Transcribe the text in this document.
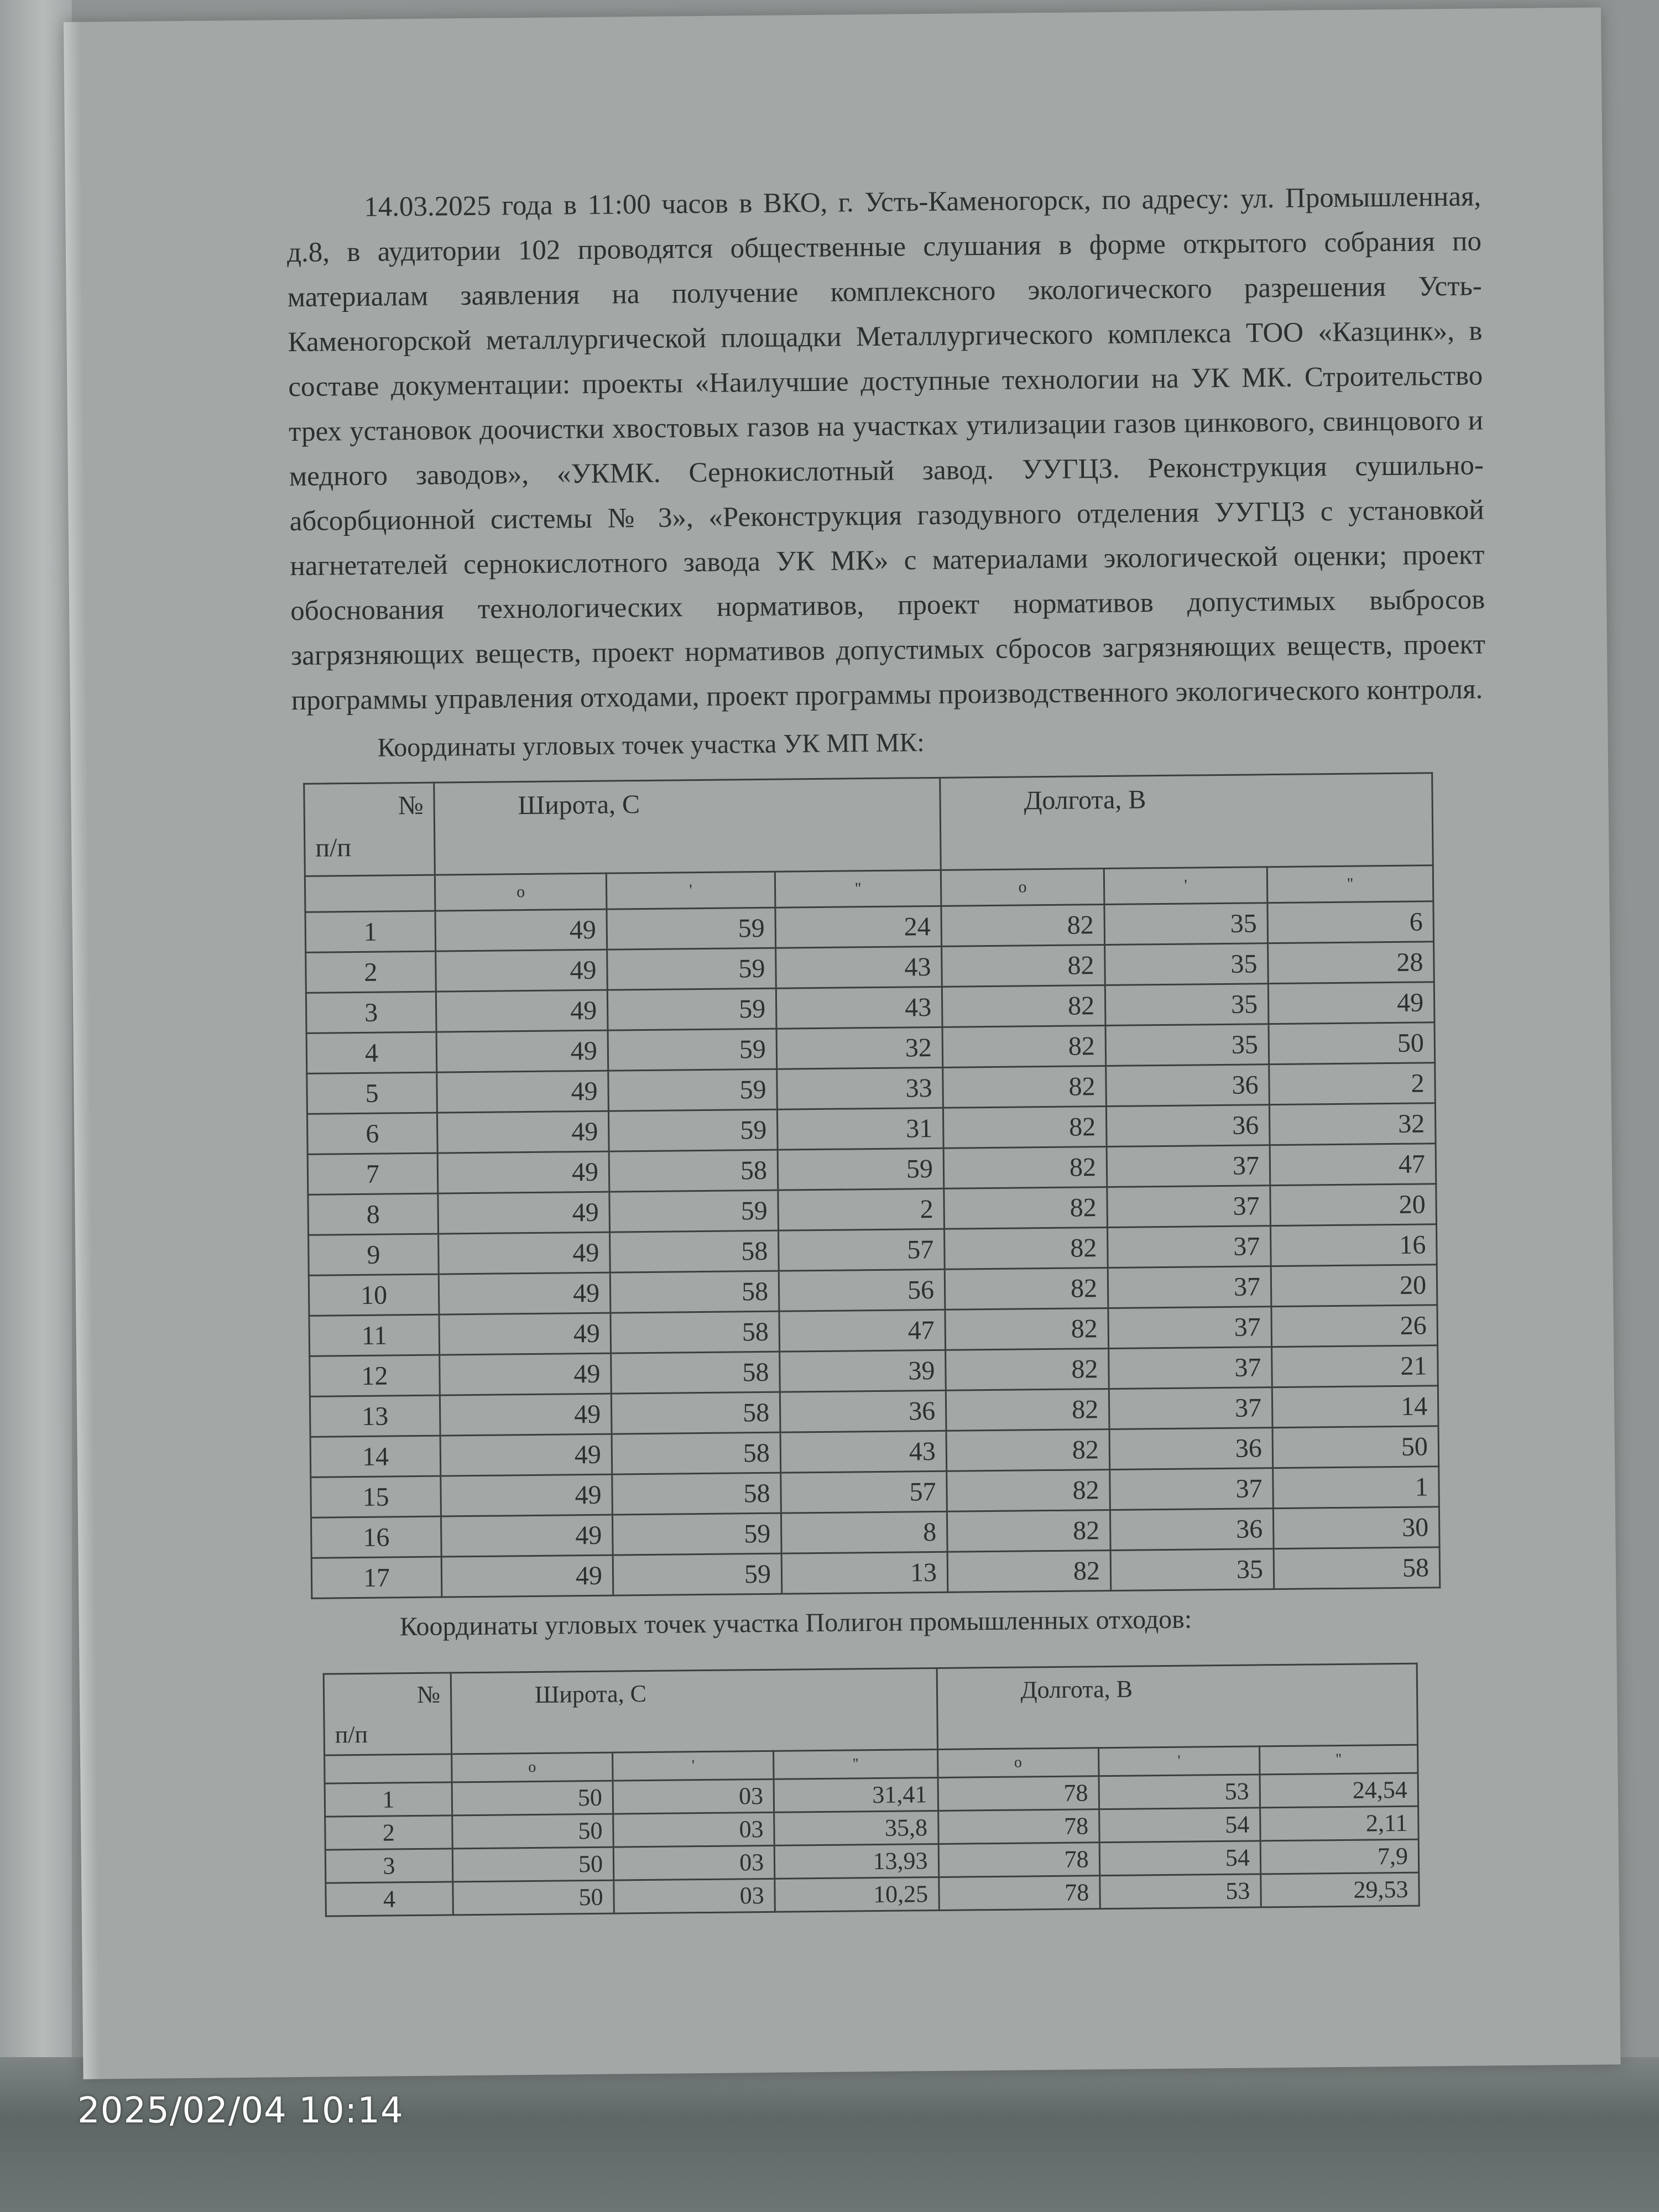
14.03.2025 года в 11:00 часов в ВКО, г. Усть-Каменогорск, по адресу: ул. Промышленная, д.8, в аудитории 102 проводятся общественные слушания в форме открытого собрания по материалам заявления на получение комплексного экологического разрешения Усть-Каменогорской металлургической площадки Металлургического комплекса ТОО «Казцинк», в составе документации: проекты «Наилучшие доступные технологии на УК МК. Строительство трех установок доочистки хвостовых газов на участках утилизации газов цинкового, свинцового и медного заводов», «УКМК. Сернокислотный завод. УУГЦЗ. Реконструкция сушильно-абсорбционной системы № 3», «Реконструкция газодувного отделения УУГЦЗ с установкой нагнетателей сернокислотного завода УК МК» с материалами экологической оценки; проект обоснования технологических нормативов, проект нормативов допустимых выбросов загрязняющих веществ, проект нормативов допустимых сбросов загрязняющих веществ, проект программы управления отходами, проект программы производственного экологического контроля.
Координаты угловых точек участка УК МП МК:
№
п/п	Широта, С			Долгота, В		
	о	'	''	о	'	''
1	49	59	24	82	35	6
2	49	59	43	82	35	28
3	49	59	43	82	35	49
4	49	59	32	82	35	50
5	49	59	33	82	36	2
6	49	59	31	82	36	32
7	49	58	59	82	37	47
8	49	59	2	82	37	20
9	49	58	57	82	37	16
10	49	58	56	82	37	20
11	49	58	47	82	37	26
12	49	58	39	82	37	21
13	49	58	36	82	37	14
14	49	58	43	82	36	50
15	49	58	57	82	37	1
16	49	59	8	82	36	30
17	49	59	13	82	35	58
Координаты угловых точек участка Полигон промышленных отходов:
№
п/п	Широта, С			Долгота, В		
	о	'	''	о	'	''
1	50	03	31,41	78	53	24,54
2	50	03	35,8	78	54	2,11
3	50	03	13,93	78	54	7,9
4	50	03	10,25	78	53	29,53
2025/02/04 10:14
